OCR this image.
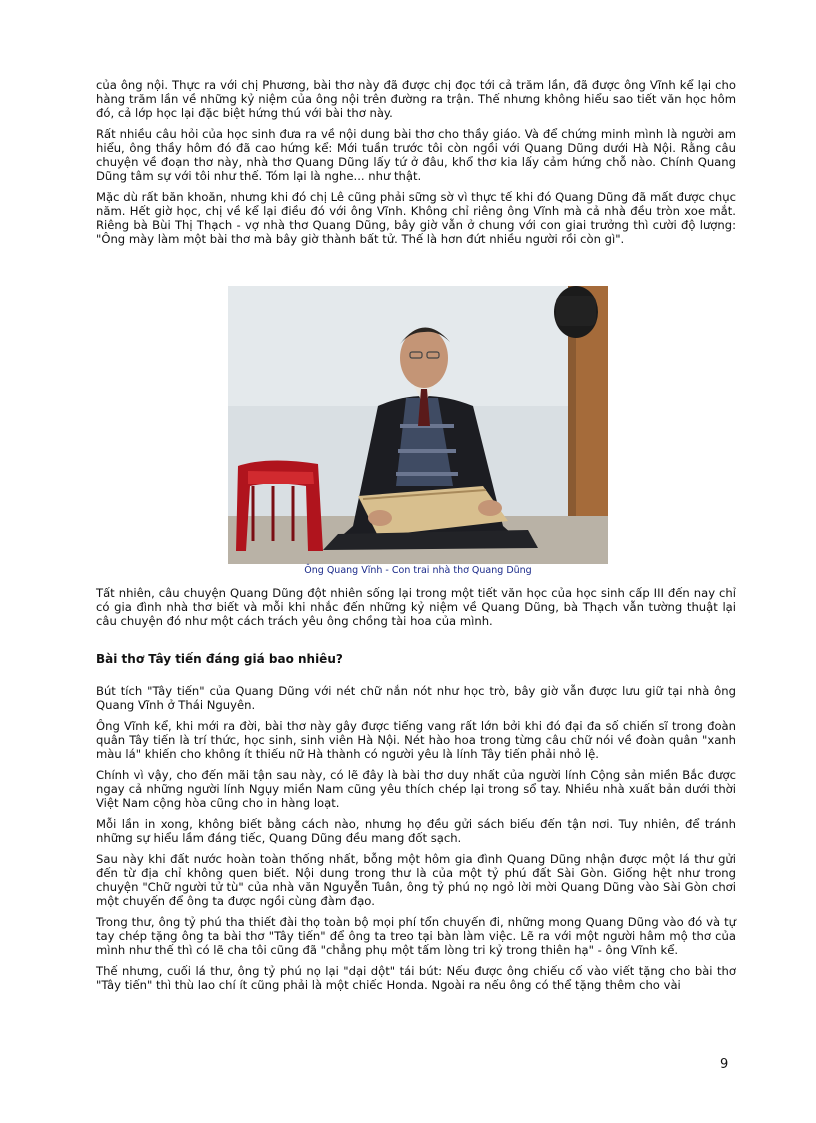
của ông nội. Thực ra với chị Phương, bài thơ này đã được chị đọc tới cả trăm lần, đã được ông Vĩnh kể lại cho hàng trăm lần về những kỷ niệm của ông nội trên đường ra trận. Thế nhưng không hiểu sao tiết văn học hôm đó, cả lớp học lại đặc biệt hứng thú với bài thơ này.

Rất nhiều câu hỏi của học sinh đưa ra về nội dung bài thơ cho thầy giáo. Và để chứng minh mình là người am hiểu, ông thầy hôm đó đã cao hứng kể: Mới tuần trước tôi còn ngồi với Quang Dũng dưới Hà Nội. Rằng câu chuyện về đoạn thơ này, nhà thơ Quang Dũng lấy tứ ở đâu, khổ thơ kia lấy cảm hứng chỗ nào. Chính Quang Dũng tâm sự với tôi như thế. Tóm lại là nghe... như thật.

Mặc dù rất băn khoăn, nhưng khi đó chị Lê cũng phải sững sờ vì thực tế khi đó Quang Dũng đã mất được chục năm. Hết giờ học, chị về kể lại điều đó với ông Vĩnh. Không chỉ riêng ông Vĩnh mà cả nhà đều tròn xoe mắt. Riêng bà Bùi Thị Thạch - vợ nhà thơ Quang Dũng, bây giờ vẫn ở chung với con giai trưởng thì cười độ lượng: "Ông mày làm một bài thơ mà bây giờ thành bất tử. Thế là hơn đứt nhiều người rồi còn gì".

Ông Quang Vĩnh - Con trai nhà thơ Quang Dũng

Tất nhiên, câu chuyện Quang Dũng đột nhiên sống lại trong một tiết văn học của học sinh cấp III đến nay chỉ có gia đình nhà thơ biết và mỗi khi nhắc đến những kỷ niệm về Quang Dũng, bà Thạch vẫn tường thuật lại câu chuyện đó như một cách trách yêu ông chồng tài hoa của mình.

Bài thơ Tây tiến đáng giá bao nhiêu?

Bút tích "Tây tiến" của Quang Dũng với nét chữ nắn nót như học trò, bây giờ vẫn được lưu giữ tại nhà ông Quang Vĩnh ở Thái Nguyên.

Ông Vĩnh kể, khi mới ra đời, bài thơ này gây được tiếng vang rất lớn bởi khi đó đại đa số chiến sĩ trong đoàn quân Tây tiến là trí thức, học sinh, sinh viên Hà Nội. Nét hào hoa trong từng câu chữ nói về đoàn quân "xanh màu lá" khiến cho không ít thiếu nữ Hà thành có người yêu là lính Tây tiến phải nhỏ lệ.

Chính vì vậy, cho đến mãi tận sau này, có lẽ đây là bài thơ duy nhất của người lính Cộng sản miền Bắc được ngay cả những người lính Ngụy miền Nam cũng yêu thích chép lại trong sổ tay. Nhiều nhà xuất bản dưới thời Việt Nam cộng hòa cũng cho in hàng loạt.

Mỗi lần in xong, không biết bằng cách nào, nhưng họ đều gửi sách biếu đến tận nơi. Tuy nhiên, để tránh những sự hiểu lầm đáng tiếc, Quang Dũng đều mang đốt sạch.

Sau này khi đất nước hoàn toàn thống nhất, bỗng một hôm gia đình Quang Dũng nhận được một lá thư gửi đến từ địa chỉ không quen biết. Nội dung trong thư là của một tỷ phú đất Sài Gòn. Giống hệt như trong chuyện "Chữ người tử tù" của nhà văn Nguyễn Tuân, ông tỷ phú nọ ngỏ lời mời Quang Dũng vào Sài Gòn chơi một chuyến để ông ta được ngồi cùng đàm đạo.

Trong thư, ông tỷ phú tha thiết đài thọ toàn bộ mọi phí tổn chuyến đi, những mong Quang Dũng vào đó và tự tay chép tặng ông ta bài thơ "Tây tiến" để ông ta treo tại bàn làm việc. Lẽ ra với một người hâm mộ thơ của mình như thế thì có lẽ cha tôi cũng đã "chẳng phụ một tấm lòng tri kỷ trong thiên hạ" - ông Vĩnh kể.

Thế nhưng, cuối lá thư, ông tỷ phú nọ lại "dại dột" tái bút: Nếu được ông chiếu cố vào viết tặng cho bài thơ "Tây tiến" thì thù lao chí ít cũng phải là một chiếc Honda. Ngoài ra nếu ông có thể tặng thêm cho vài

9
